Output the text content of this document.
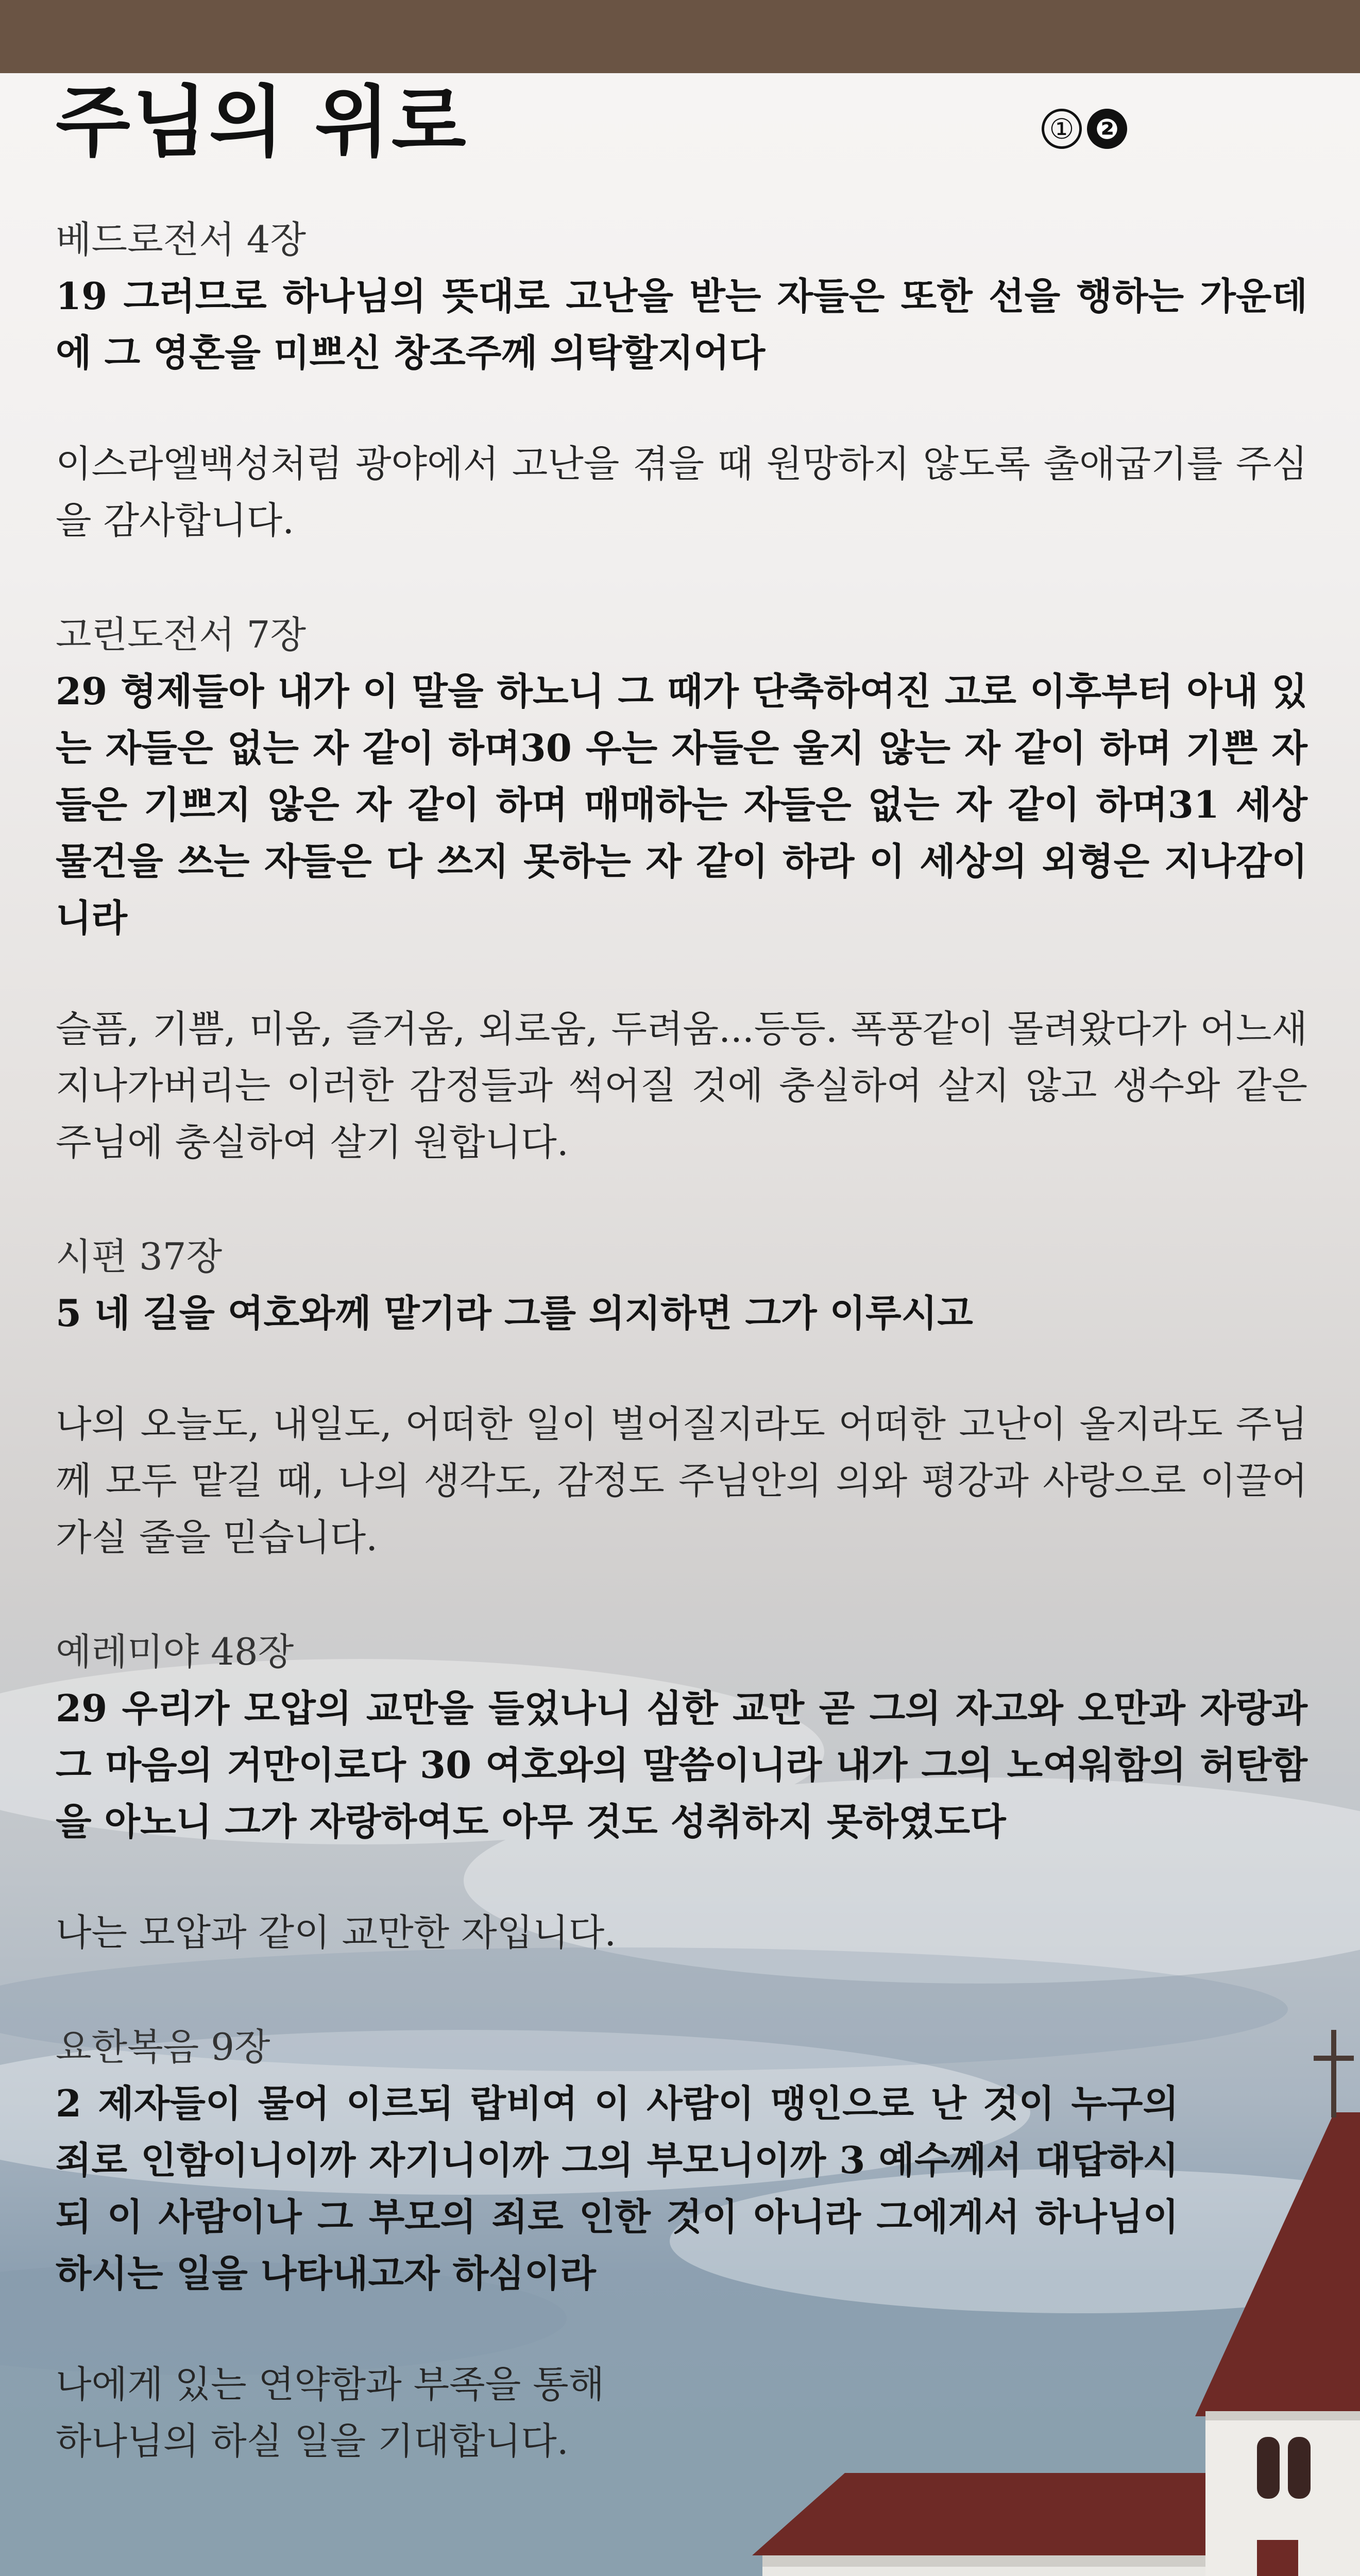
주님의 위로	① ❷

베드로전서 4장

19 그러므로 하나님의 뜻대로 고난을 받는 자들은 또한 선을 행하는 가운데에 그 영혼을 미쁘신 창조주께 의탁할지어다

이스라엘백성처럼 광야에서 고난을 겪을 때 원망하지 않도록 출애굽기를 주심을 감사합니다.

고린도전서 7장

29 형제들아 내가 이 말을 하노니 그 때가 단축하여진 고로 이후부터 아내 있는 자들은 없는 자 같이 하며30 우는 자들은 울지 않는 자 같이 하며 기쁜 자들은 기쁘지 않은 자 같이 하며 매매하는 자들은 없는 자 같이 하며31 세상 물건을 쓰는 자들은 다 쓰지 못하는 자 같이 하라 이 세상의 외형은 지나감이니라

슬픔, 기쁨, 미움, 즐거움, 외로움, 두려움...등등. 폭풍같이 몰려왔다가 어느새 지나가버리는 이러한 감정들과 썩어질 것에 충실하여 살지 않고 생수와 같은 주님에 충실하여 살기 원합니다.

시편 37장

5 네 길을 여호와께 맡기라 그를 의지하면 그가 이루시고

나의 오늘도, 내일도, 어떠한 일이 벌어질지라도 어떠한 고난이 올지라도 주님께 모두 맡길 때, 나의 생각도, 감정도 주님안의 의와 평강과 사랑으로 이끌어 가실 줄을 믿습니다.

예레미야 48장

29 우리가 모압의 교만을 들었나니 심한 교만 곧 그의 자고와 오만과 자랑과 그 마음의 거만이로다 30 여호와의 말씀이니라 내가 그의 노여워함의 허탄함을 아노니 그가 자랑하여도 아무 것도 성취하지 못하였도다

나는 모압과 같이 교만한 자입니다.

요한복음 9장

2 제자들이 물어 이르되 랍비여 이 사람이 맹인으로 난 것이 누구의 죄로 인함이니이까 자기니이까 그의 부모니이까 3 예수께서 대답하시되 이 사람이나 그 부모의 죄로 인한 것이 아니라 그에게서 하나님이 하시는 일을 나타내고자 하심이라

나에게 있는 연약함과 부족을 통해
하나님의 하실 일을 기대합니다.
